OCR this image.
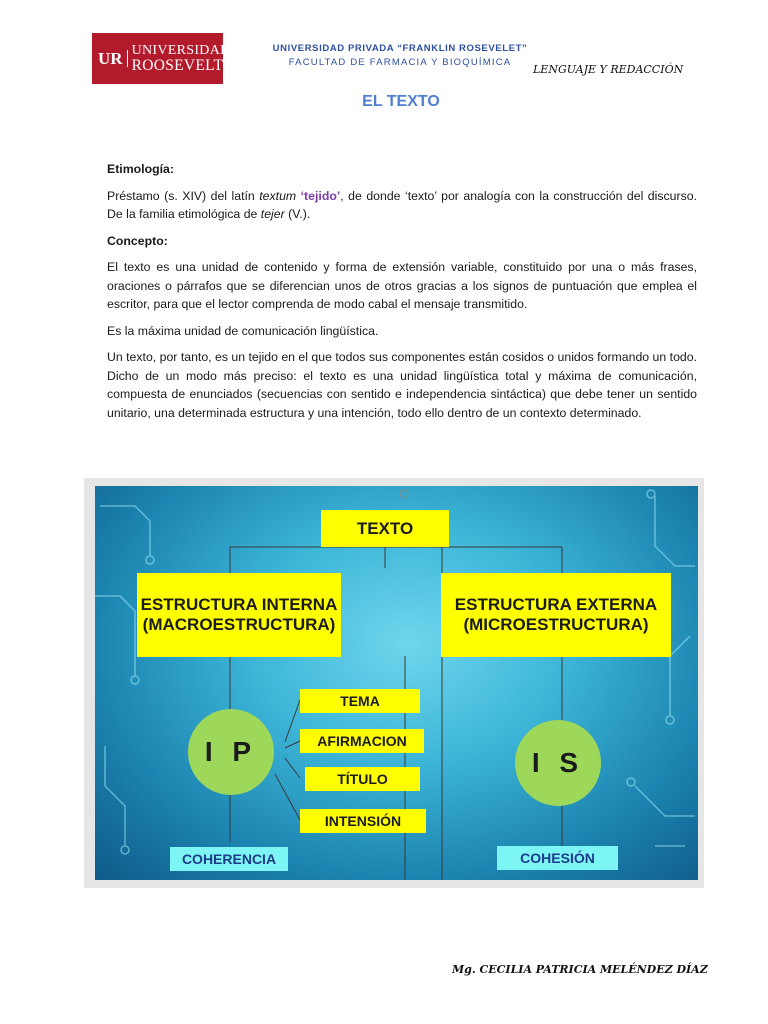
UR UNIVERSIDAD
ROOSEVELT
UNIVERSIDAD PRIVADA “FRANKLIN ROSEVELET”
FACULTAD DE FARMACIA Y BIOQUÍMICA
LENGUAJE Y REDACCIÓN
EL TEXTO
Etimología:

Préstamo (s. XIV) del latín textum ‘tejido’, de donde ‘texto’ por analogía con la construcción del discurso. De la familia etimológica de tejer (V.).

Concepto:

El texto es una unidad de contenido y forma de extensión variable, constituido por una o más frases, oraciones o párrafos que se diferencian unos de otros gracias a los signos de puntuación que emplea el escritor, para que el lector comprenda de modo cabal el mensaje transmitido.

Es la máxima unidad de comunicación lingüística.

Un texto, por tanto, es un tejido en el que todos sus componentes están cosidos o unidos formando un todo. Dicho de un modo más preciso: el texto es una unidad lingüística total y máxima de comunicación, compuesta de enunciados (secuencias con sentido e independencia sintáctica) que debe tener un sentido unitario, una determinada estructura y una intención, todo ello dentro de un contexto determinado.

TEXTO
ESTRUCTURA INTERNA
(MACROESTRUCTURA)
ESTRUCTURA EXTERNA
(MICROESTRUCTURA)
I P	I S
TEMA
AFIRMACION
TÍTULO
INTENSIÓN
COHERENCIA	COHESIÓN
Mg. CECILIA PATRICIA MELÉNDEZ DÍAZ
